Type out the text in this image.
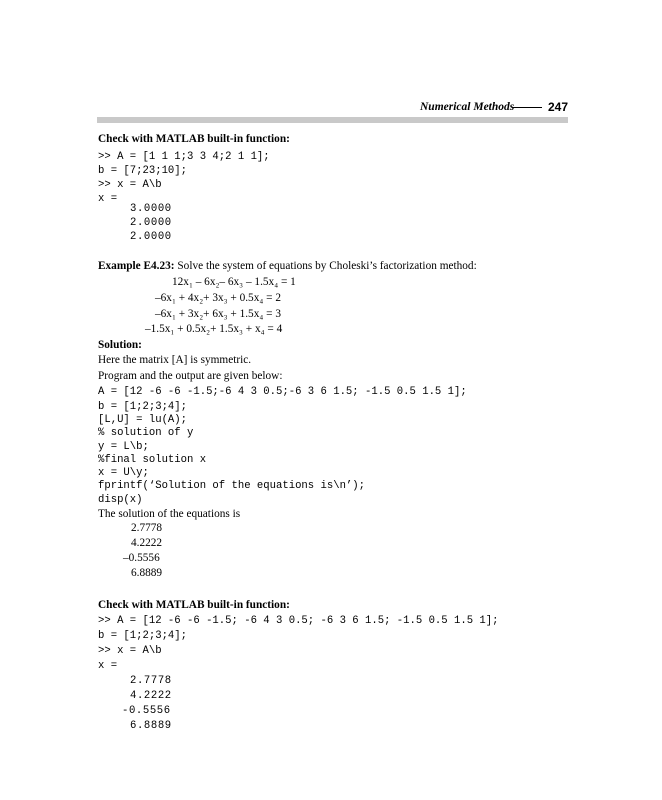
Numerical Methods	247
Check with MATLAB built-in function:
>> A = [1 1 1;3 3 4;2 1 1];
b = [7;23;10];
>> x = A\b
x =
3.0000
2.0000
2.0000
Example E4.23: Solve the system of equations by Choleski’s factorization method:
12x₁ – 6x₂– 6x₃ – 1.5x₄ = 1
–6x₁ + 4x₂+ 3x₃ + 0.5x₄ = 2
–6x₁ + 3x₂+ 6x₃ + 1.5x₄ = 3
–1.5x₁ + 0.5x₂+ 1.5x₃ + x₄ = 4
Solution:
Here the matrix [A] is symmetric.
Program and the output are given below:
A = [12 -6 -6 -1.5;-6 4 3 0.5;-6 3 6 1.5; -1.5 0.5 1.5 1];
b = [1;2;3;4];
[L,U] = lu(A);
% solution of y
y = L\b;
%final solution x
x = U\y;
fprintf(‘Solution of the equations is\n’);
disp(x)
The solution of the equations is
2.7778
4.2222
–0.5556
6.8889
Check with MATLAB built-in function:
>> A = [12 -6 -6 -1.5; -6 4 3 0.5; -6 3 6 1.5; -1.5 0.5 1.5 1];
b = [1;2;3;4];
>> x = A\b
x =
2.7778
4.2222
-0.5556
6.8889
